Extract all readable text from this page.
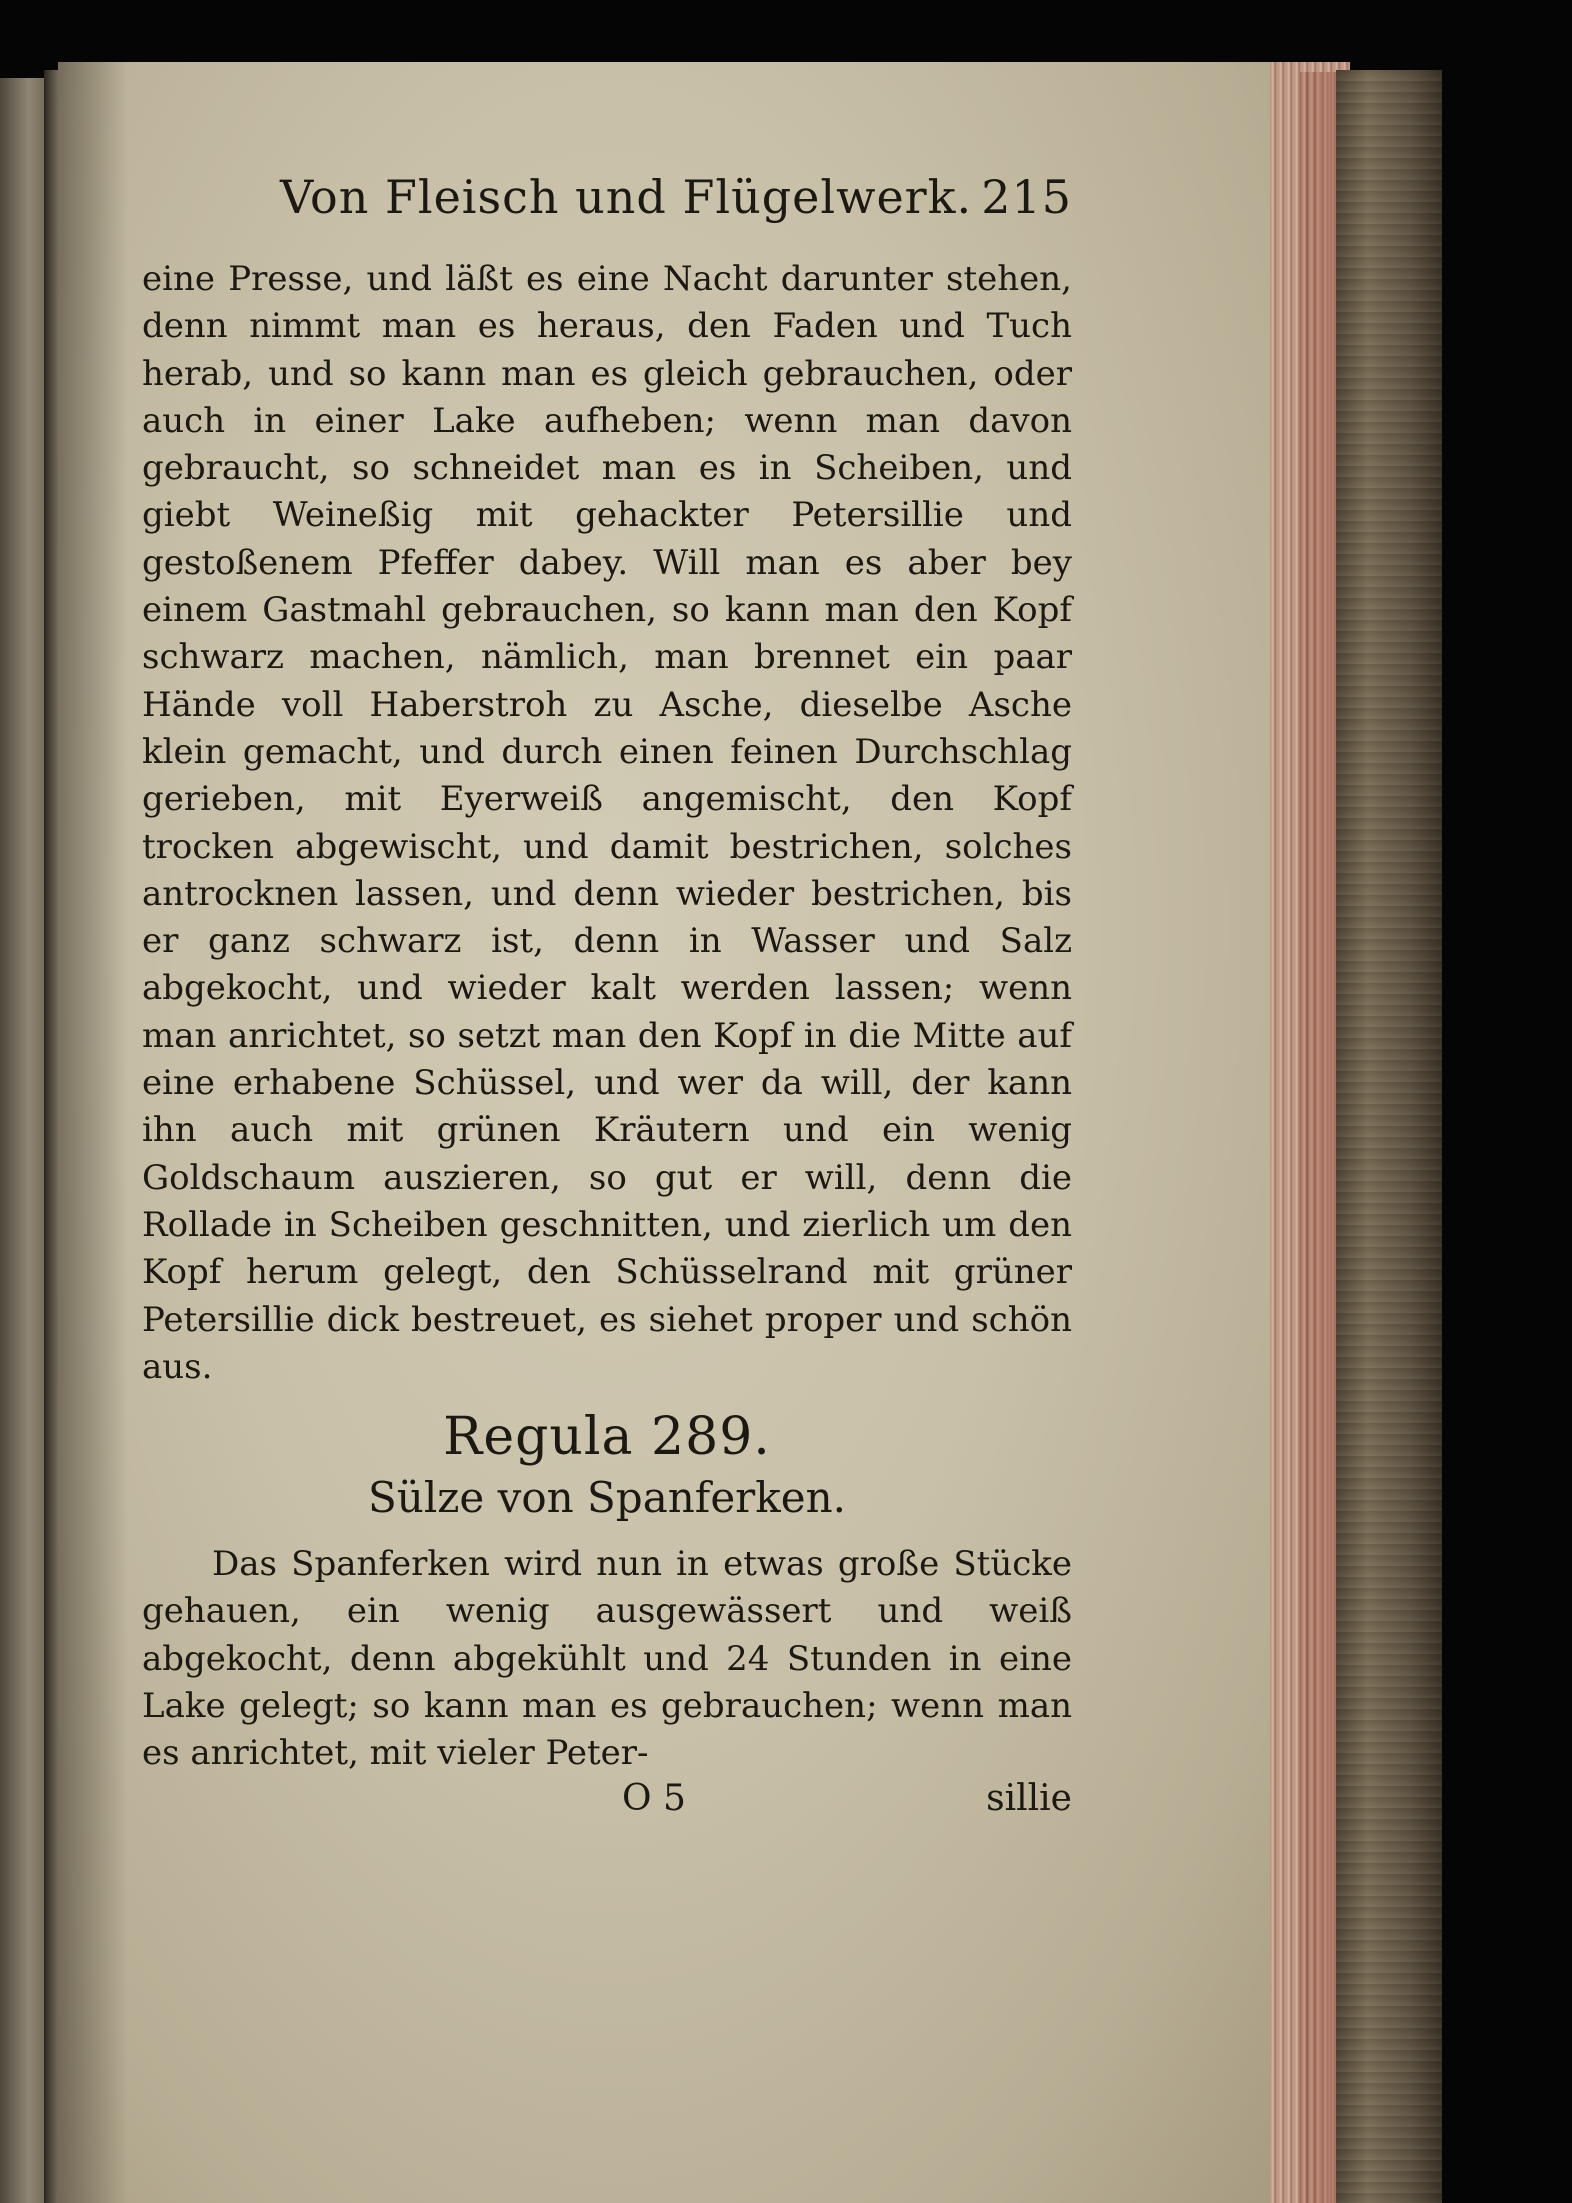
Von Fleisch und Flügelwerk. 215

eine Presse, und läßt es eine Nacht darunter stehen, denn nimmt man es heraus, den Faden und Tuch herab, und so kann man es gleich gebrauchen, oder auch in einer Lake aufheben; wenn man davon gebraucht, so schneidet man es in Scheiben, und giebt Weineßig mit gehackter Petersillie und gestoßenem Pfeffer dabey. Will man es aber bey einem Gastmahl gebrauchen, so kann man den Kopf schwarz machen, nämlich, man brennet ein paar Hände voll Haberstroh zu Asche, dieselbe Asche klein gemacht, und durch einen feinen Durchschlag gerieben, mit Eyerweiß angemischt, den Kopf trocken abgewischt, und damit bestrichen, solches antrocknen lassen, und denn wieder bestrichen, bis er ganz schwarz ist, denn in Wasser und Salz abgekocht, und wieder kalt werden lassen; wenn man anrichtet, so setzt man den Kopf in die Mitte auf eine erhabene Schüssel, und wer da will, der kann ihn auch mit grünen Kräutern und ein wenig Goldschaum auszieren, so gut er will, denn die Rollade in Scheiben geschnitten, und zierlich um den Kopf herum gelegt, den Schüsselrand mit grüner Petersillie dick bestreuet, es siehet proper und schön aus.

Regula 289.
Sülze von Spanferken.

Das Spanferken wird nun in etwas große Stücke gehauen, ein wenig ausgewässert und weiß abgekocht, denn abgekühlt und 24 Stunden in eine Lake gelegt; so kann man es gebrauchen; wenn man es anrichtet, mit vieler Peter-

O 5	sillie
